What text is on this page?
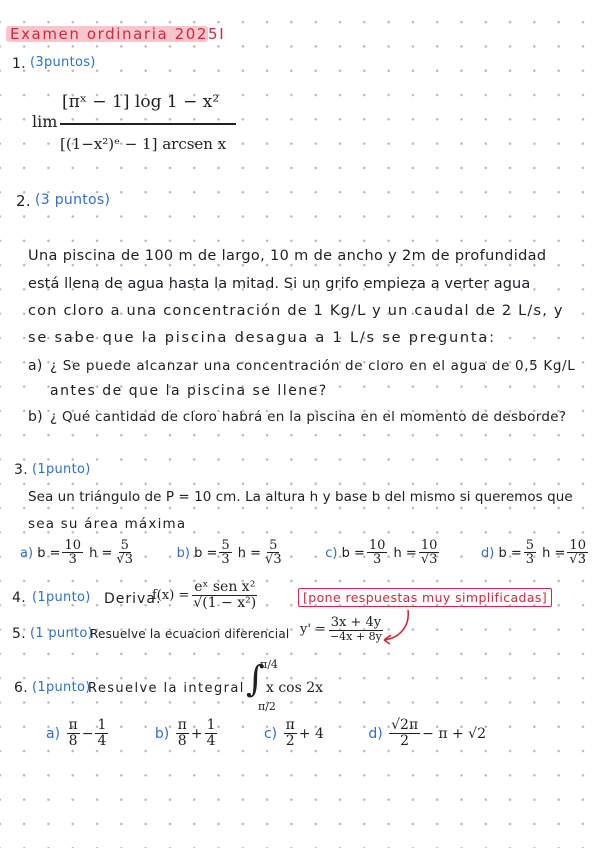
Examen ordinaria 2025I
1. (3puntos)
lim
[πˣ − 1] log 1 − x²
[(1−x²)ᵉ − 1] arcsen x
2. (3 puntos)
Una piscina de 100 m de largo, 10 m de ancho y 2m de profundidad
está llena de agua hasta la mitad. Si un grifo empieza a verter agua
con cloro a una concentración de 1 Kg/L y un caudal de 2 L/s, y
se sabe que la piscina desagua a 1 L/s se pregunta:
a) ¿ Se puede alcanzar una concentración de cloro en el agua de 0,5 Kg/L
antes de que la piscina se llene?
b) ¿ Qué cantidad de cloro habrá en la piscina en el momento de desborde?
3. (1punto)
Sea un triángulo de P = 10 cm. La altura h y base b del mismo si queremos que
sea su área máxima
a)
$b = \frac{10}{3}$
$h = \frac{5}{√3}$	b)
$b = \frac{5}{3}$
$h = \frac{5}{√3}$	c)
$b = \frac{10}{3}$
$h = \frac{10}{√3}$	d)
$b = \frac{5}{3}$
$h = \frac{10}{√3}$
4. (1punto) Deriva:
$f(x) = \frac{\text{eˣ sen x²}}{\text{√(1 − x²)}}$	[pone respuestas muy simplificadas]
5. (1 punto)
Resuelve la ecuacion diferencial $y' = \frac{3x + 4y}{-4x + 8y}$
6. (1punto)
Resuelve la integral ∫
π/4
π/2
x cos 2x
a)
$\frac{\pi}{8} - \frac{1}{4}$	b)
$\frac{\pi}{8} + \frac{1}{4}$	c)
$\frac{\pi}{2} + 4$	d)
$\frac{√2\pi}{2} - \pi + √2$
